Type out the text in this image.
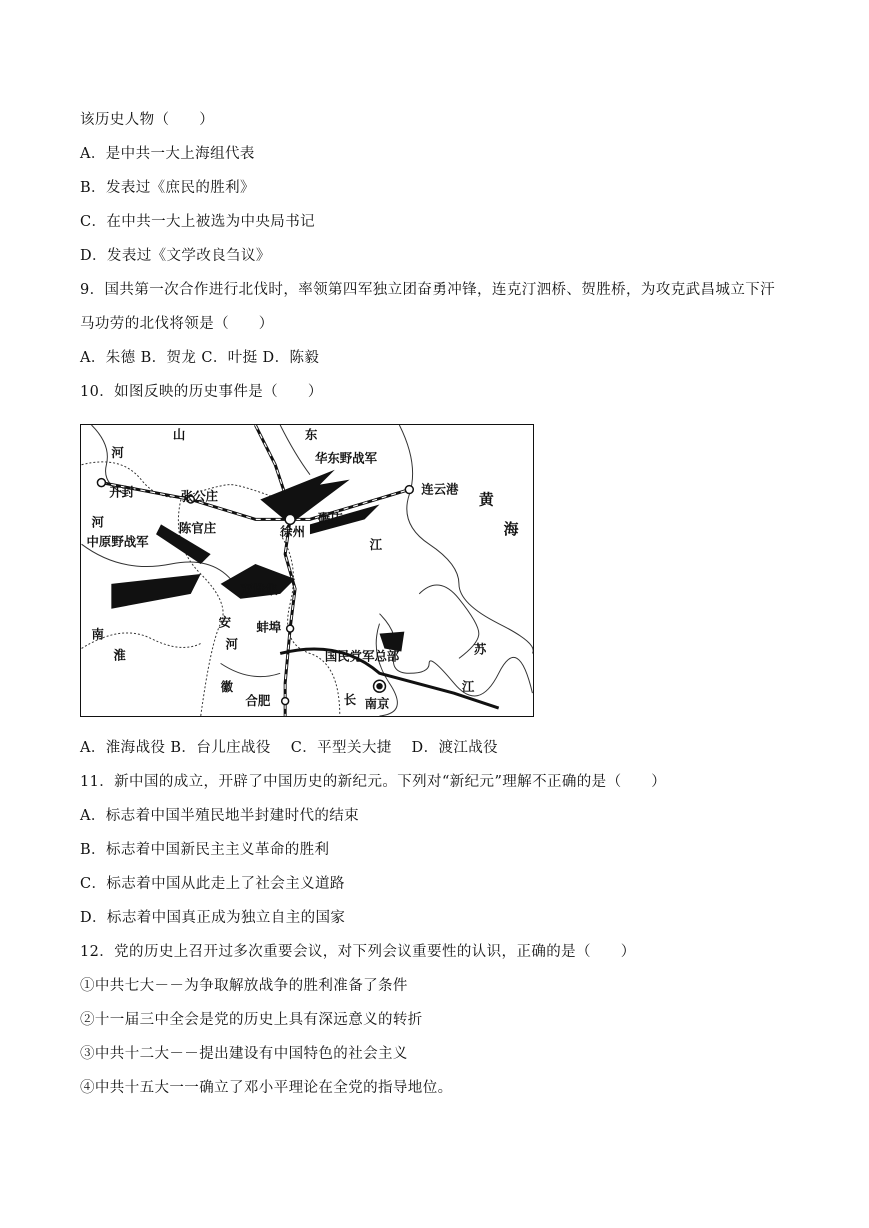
该历史人物（　　）
A．是中共一大上海组代表
B．发表过《庶民的胜利》
C．在中共一大上被选为中央局书记
D．发表过《文学改良刍议》
9．国共第一次合作进行北伐时，率领第四军独立团奋勇冲锋，连克汀泗桥、贺胜桥，为攻克武昌城立下汗
马功劳的北伐将领是（　　）
A．朱德 B．贺龙 C．叶挺 D．陈毅
10．如图反映的历史事件是（　　）
山	东
河
开封	张公庄
华东野战军
连云港
黄
海
河
中原野战军
陈官庄	徐州
碾庄
江
双堆集
安
南
淮
蚌埠
河
国民党军总部	苏
徽
合肥	长 南京
江
A．淮海战役 B．台儿庄战役　 C．平型关大捷　 D．渡江战役
11．新中国的成立，开辟了中国历史的新纪元。下列对“新纪元”理解不正确的是（　　）
A．标志着中国半殖民地半封建时代的结束
B．标志着中国新民主主义革命的胜利
C．标志着中国从此走上了社会主义道路
D．标志着中国真正成为独立自主的国家
12．党的历史上召开过多次重要会议，对下列会议重要性的认识，正确的是（　　）
①中共七大－－为争取解放战争的胜利准备了条件
②十一届三中全会是党的历史上具有深远意义的转折
③中共十二大－－提出建设有中国特色的社会主义
④中共十五大一一确立了邓小平理论在全党的指导地位。
